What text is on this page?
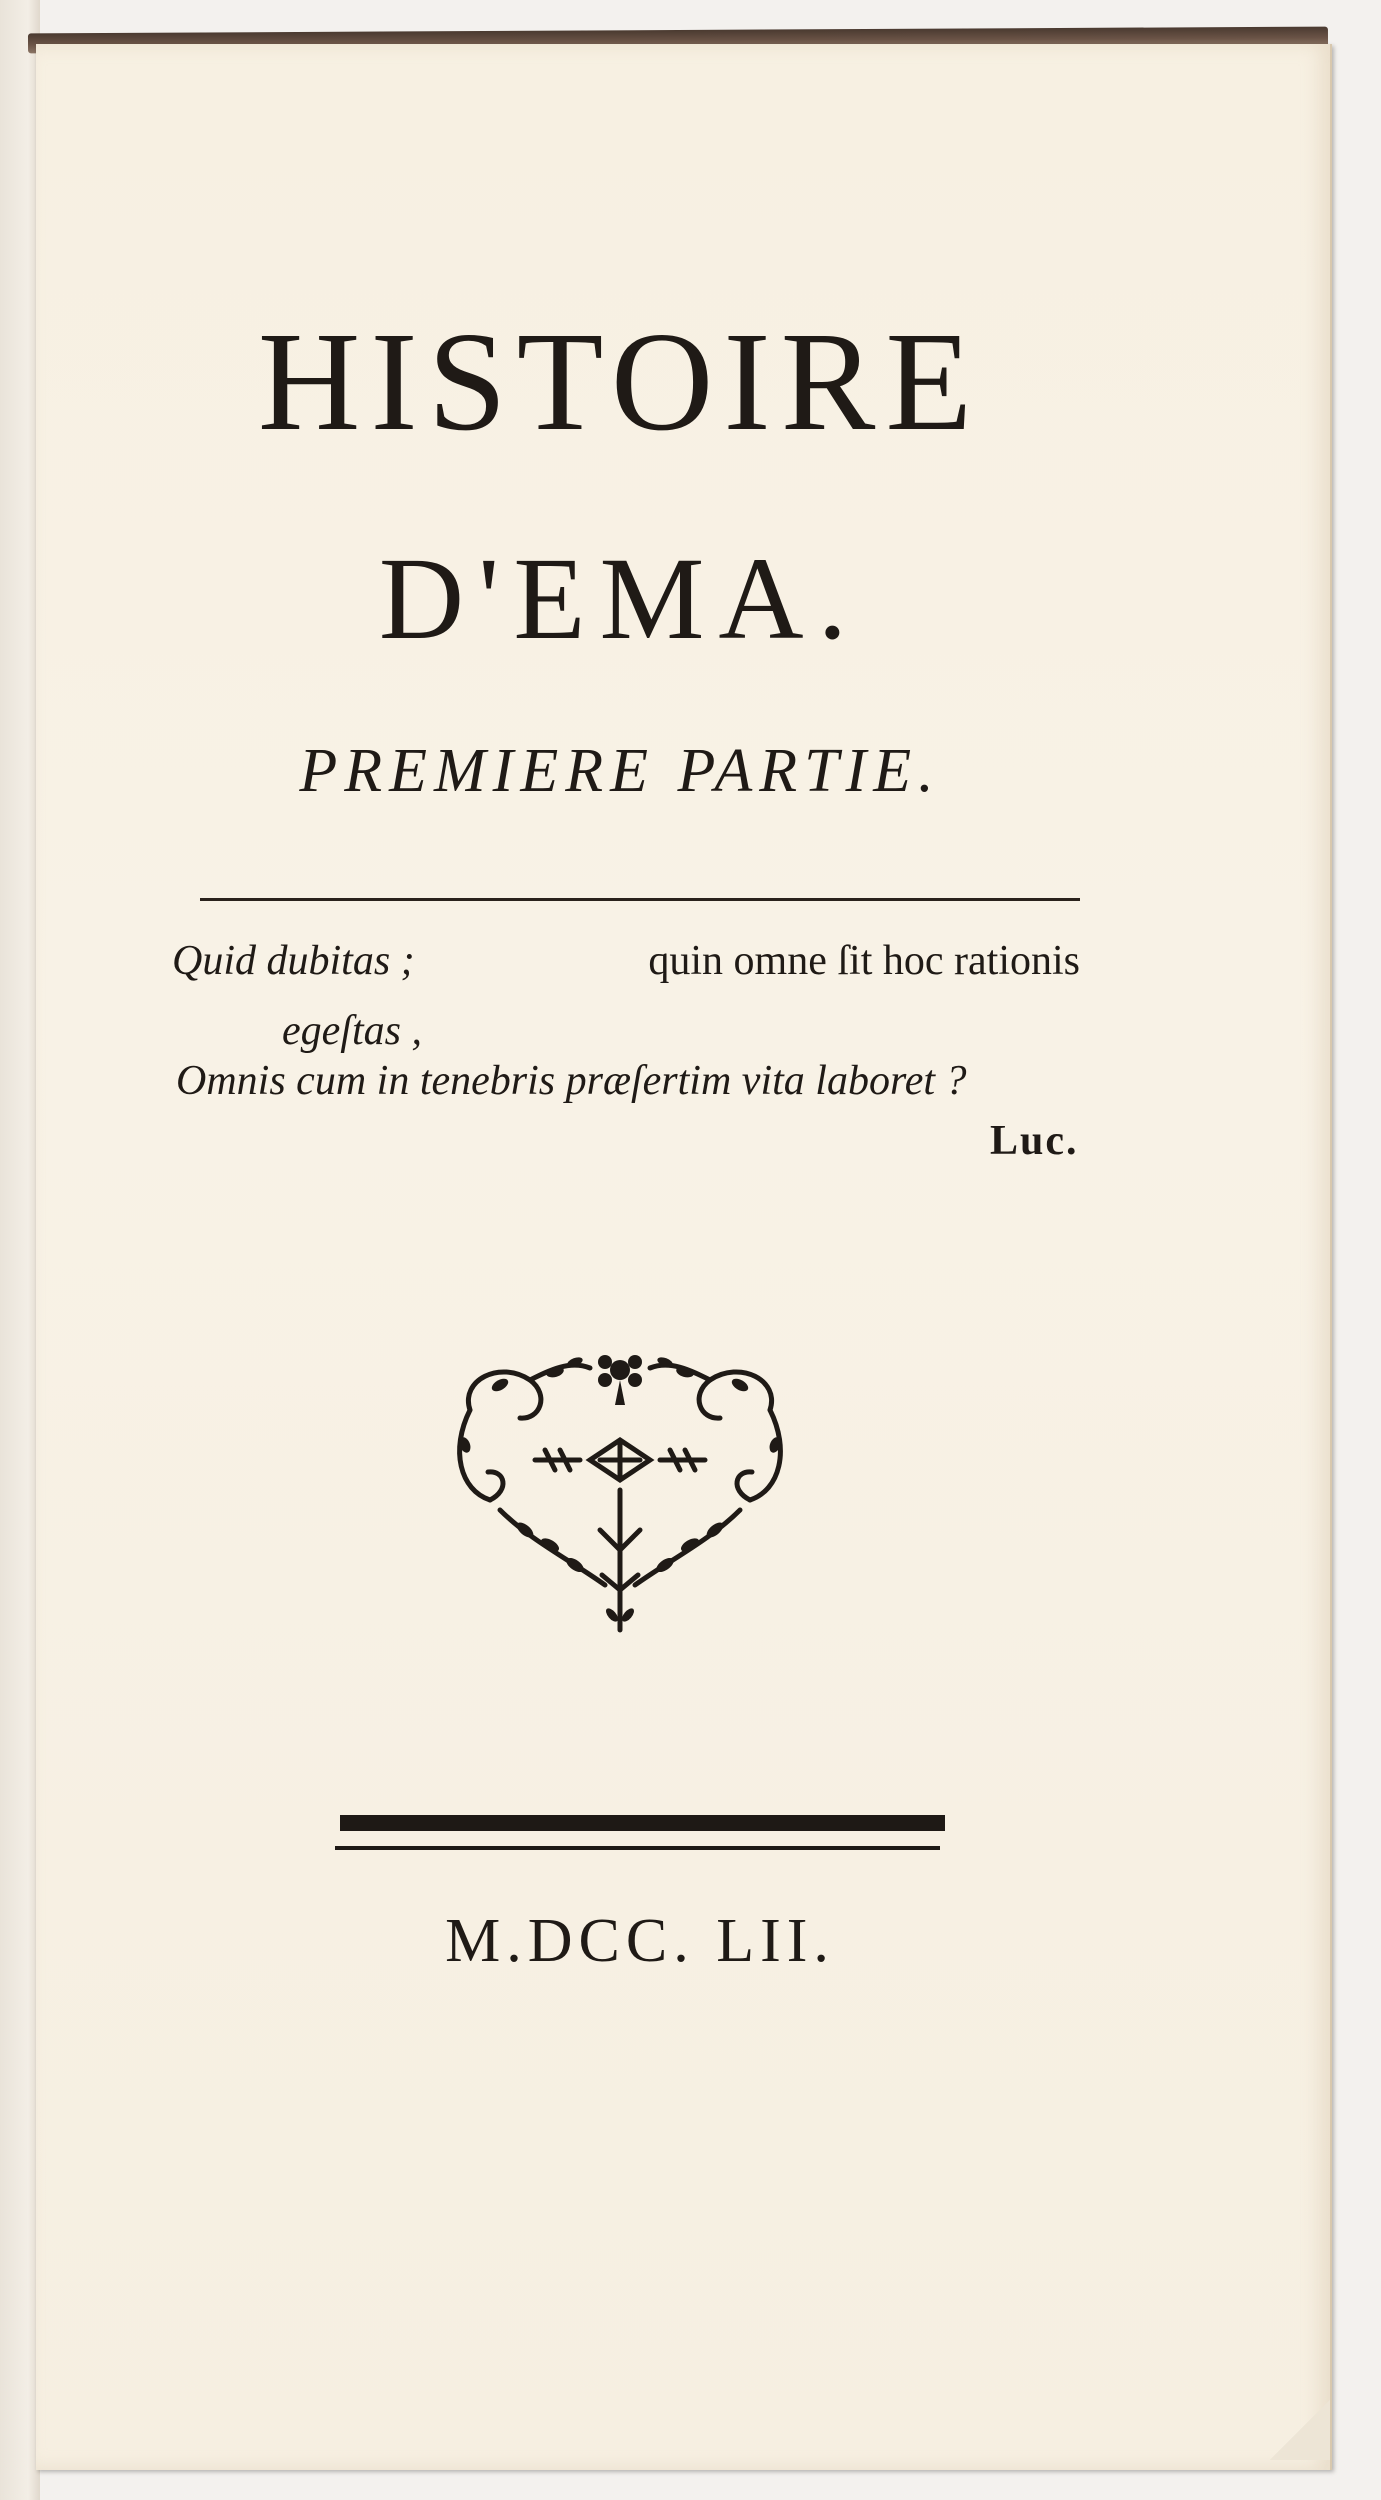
HISTOIRE
D'EMA.
PREMIERE PARTIE.
Quid dubitas ;	quin omne ſit hoc rationis
egeſtas ,
Omnis cum in tenebris præſertim vita laboret ?
Luc.
M.DCC. LII.
